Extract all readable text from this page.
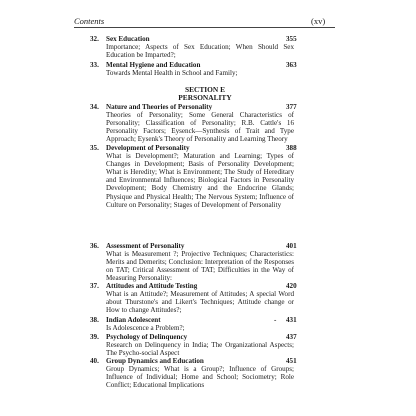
Contents	(xv)
32. Sex Education	355
Importance; Aspects of Sex Education; When Should Sex Education be Imparted?;
33. Mental Hygiene and Education	363
Towards Mental Health in School and Family;
SECTION E
PERSONALITY
34. Nature and Theories of Personality	377
Theories of Personality; Some General Characteristics of Personality; Classification of Personality; R.B. Cattle's 16 Personality Factors; Eysenck—Synthesis of Trait and Type Approach; Eysenk's Theory of Personality and Learning Theory
35. Development of Personality	388
What is Development?; Maturation and Learning; Types of Changes in Development; Basis of Personality Development; What is Heredity; What is Environment; The Study of Hereditary and Environmental Influences; Biological Factors in Personality Development; Body Chemistry and the Endocrine Glands; Physique and Physical Health; The Nervous System; Influence of Culture on Personality; Stages of Development of Personality
36. Assessment of Personality	401
What is Measurement ?; Projective Techniques; Characteristics: Merits and Demerits; Conclusion: Interpretation of the Responses on TAT; Critical Assessment of TAT; Difficulties in the Way of Measuring Personality:
37. Attitudes and Attitude Testing	420
What is an Attitude?; Measurement of Attitudes; A special Word about Thurstone's and Likert's Techniques; Attitude change or How to change Attitudes?;
38. Indian Adolescent	- 431
Is Adolescence a Problem?;
39. Psychology of Delinquency	437
Research on Delinquency in India; The Organizational Aspects; The Psycho-social Aspect
40. Group Dynamics and Education	451
Group Dynamics; What is a Group?; Influence of Groups; Influence of Individual; Home and School; Sociometry; Role Conflict; Educational Implications
